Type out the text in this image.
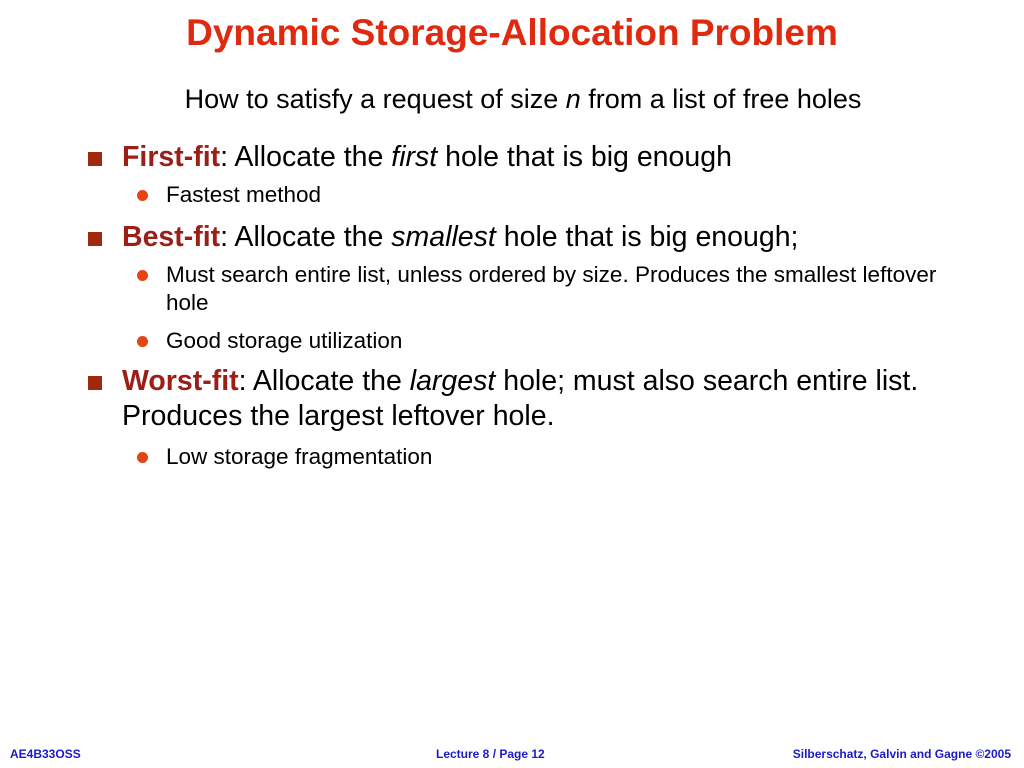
Dynamic Storage-Allocation Problem
How to satisfy a request of size n from a list of free holes
First-fit: Allocate the first hole that is big enough
Fastest method
Best-fit: Allocate the smallest hole that is big enough;
Must search entire list, unless ordered by size. Produces the smallest leftover hole
Good storage utilization
Worst-fit: Allocate the largest hole; must also search entire list. Produces the largest leftover hole.
Low storage fragmentation
AE4B33OSS	Lecture 8 / Page 12	Silberschatz, Galvin and Gagne ©2005
